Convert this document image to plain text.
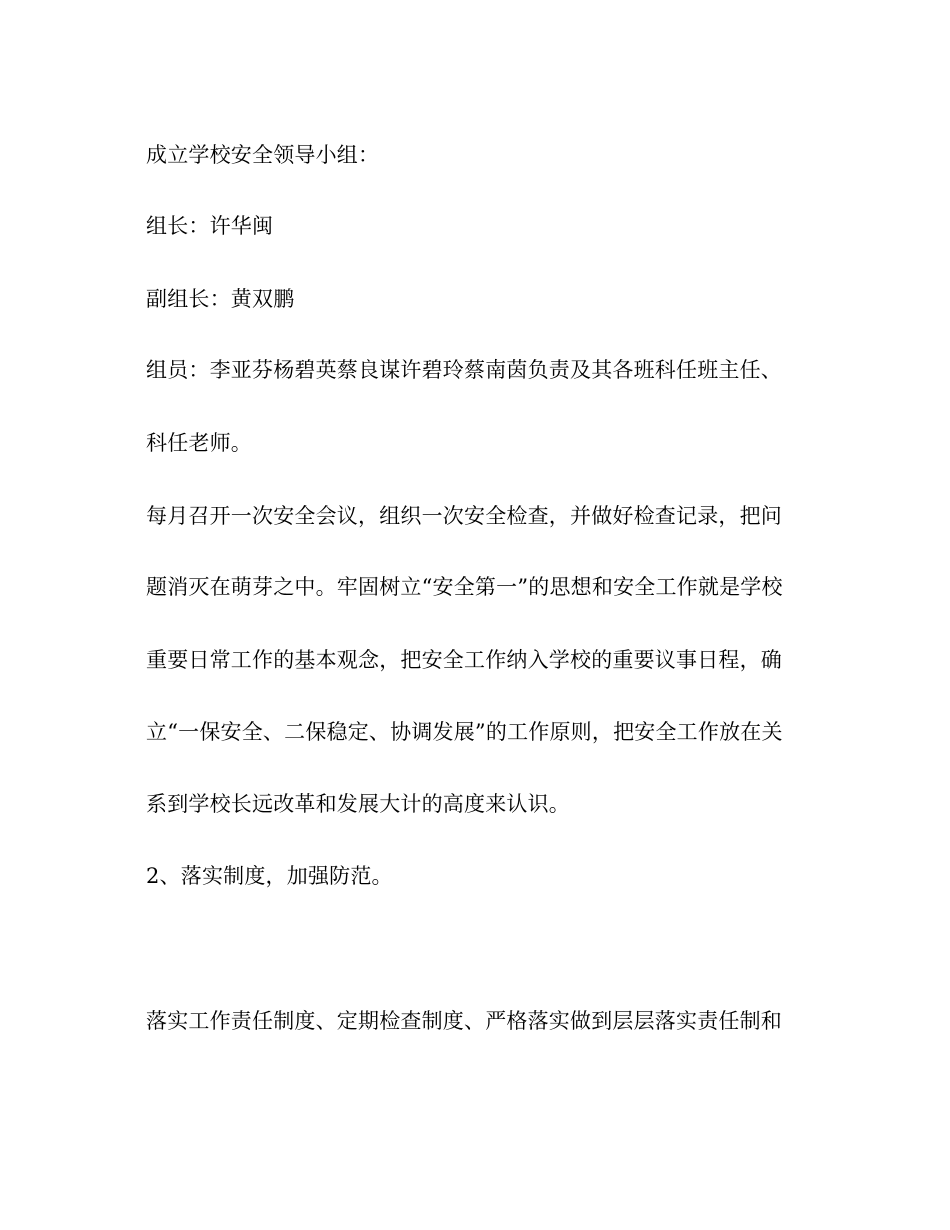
成立学校安全领导小组：

组长：许华闽

副组长：黄双鹏

组员：李亚芬杨碧英蔡良谋许碧玲蔡南茵负责及其各班科任班主任、

科任老师。

每月召开一次安全会议，组织一次安全检查，并做好检查记录，把问

题消灭在萌芽之中。牢固树立“安全第一”的思想和安全工作就是学校

重要日常工作的基本观念，把安全工作纳入学校的重要议事日程，确

立“一保安全、二保稳定、协调发展”的工作原则，把安全工作放在关

系到学校长远改革和发展大计的高度来认识。

2、落实制度，加强防范。

落实工作责任制度、定期检查制度、严格落实做到层层落实责任制和
